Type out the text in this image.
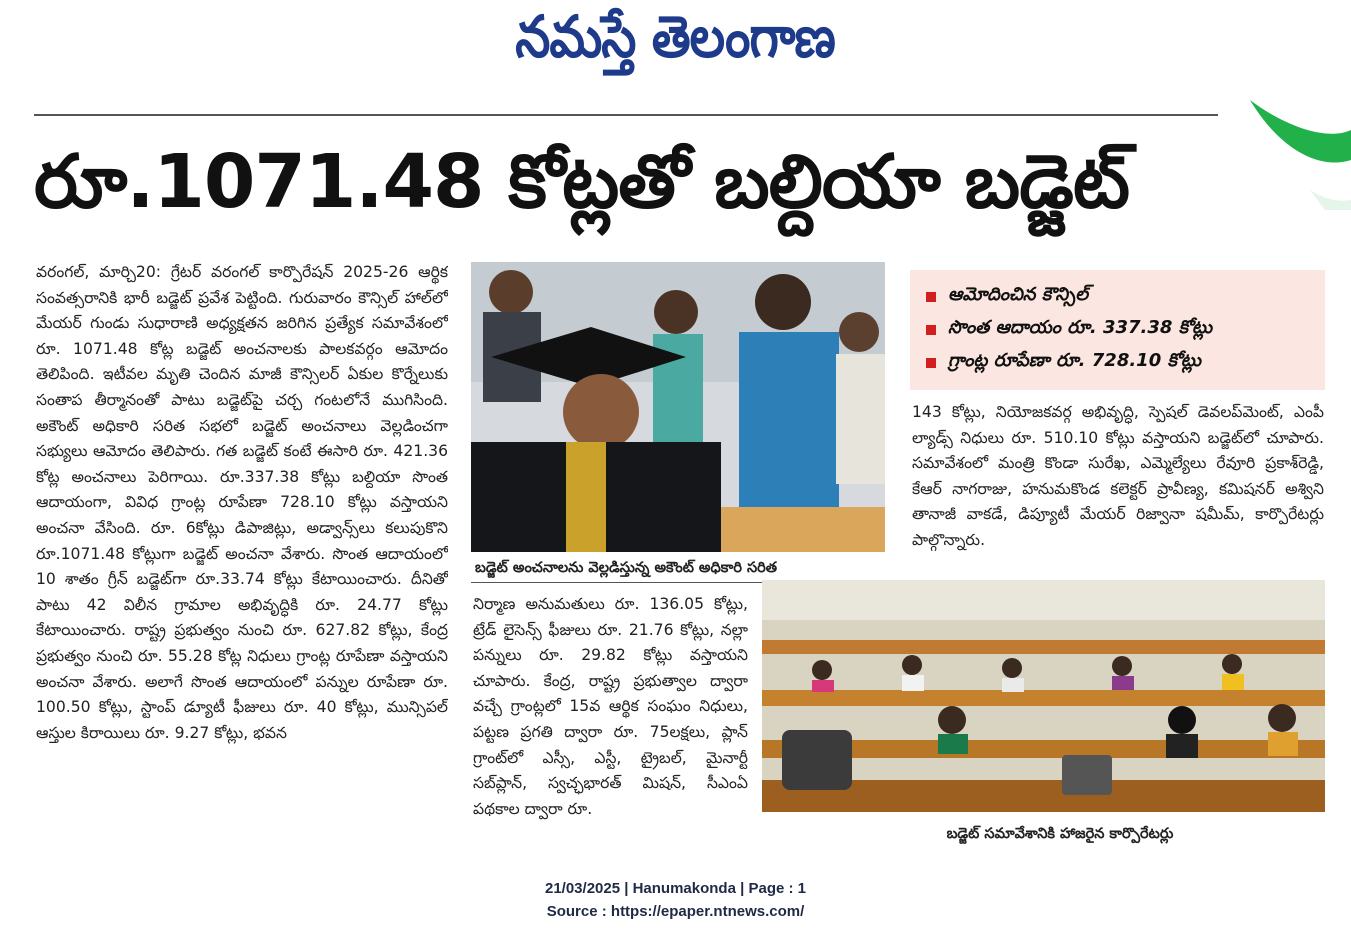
నమస్తే తెలంగాణ
రూ.1071.48 కోట్లతో బల్దియా బడ్జెట్

వరంగల్‌, మార్చి20: గ్రేటర్‌ వరంగల్‌ కార్పొరేషన్‌ 2025-26 ఆర్థిక సంవత్సరానికి భారీ బడ్జెట్‌ ప్రవేశ పెట్టింది. గురువారం కౌన్సిల్‌ హాల్‌లో మేయర్‌ గుండు సుధారాణి అధ్యక్షతన జరిగిన ప్రత్యేక సమావేశంలో రూ. 1071.48 కోట్ల బడ్జెట్‌ అంచనాలకు పాలకవర్గం ఆమోదం తెలిపింది. ఇటీవల మృతి చెందిన మాజీ కౌన్సిలర్‌ ఏకుల కొర్నేలుకు సంతాప తీర్మానంతో పాటు బడ్జెట్‌పై చర్చ గంటలోనే ముగిసింది. అకౌంట్‌ అధికారి సరిత సభలో బడ్జెట్‌ అంచనాలు వెల్లడించగా సభ్యులు ఆమోదం తెలిపారు. గత బడ్జెట్‌ కంటే ఈసారి రూ. 421.36 కోట్ల అంచనాలు పెరిగాయి. రూ.337.38 కోట్లు బల్దియా సొంత ఆదాయంగా, వివిధ గ్రాంట్ల రూపేణా 728.10 కోట్లు వస్తాయని అంచనా వేసింది. రూ. 6కోట్లు డిపాజిట్లు, అడ్వాన్స్‌లు కలుపుకొని రూ.1071.48 కోట్లుగా బడ్జెట్‌ అంచనా వేశారు. సొంత ఆదాయంలో 10 శాతం గ్రీన్‌ బడ్జెట్‌గా రూ.33.74 కోట్లు కేటాయించారు. దీనితో పాటు 42 విలీన గ్రామాల అభివృద్ధికి రూ. 24.77 కోట్లు కేటాయించారు. రాష్ట్ర ప్రభుత్వం నుంచి రూ. 627.82 కోట్లు, కేంద్ర ప్రభుత్వం నుంచి రూ. 55.28 కోట్ల నిధులు గ్రాంట్ల రూపేణా వస్తాయని అంచనా వేశారు. అలాగే సొంత ఆదాయంలో పన్నుల రూపేణా రూ. 100.50 కోట్లు, స్టాంప్‌ డ్యూటీ ఫీజులు రూ. 40 కోట్లు, మున్సిపల్‌ ఆస్తుల కిరాయిలు రూ. 9.27 కోట్లు, భవన

బడ్జెట్‌ అంచనాలను వెల్లడిస్తున్న అకౌంట్‌ అధికారి సరిత

నిర్మాణ అనుమతులు రూ. 136.05 కోట్లు, ట్రేడ్‌ లైసెన్స్‌ ఫీజులు రూ. 21.76 కోట్లు, నల్లా పన్నులు రూ. 29.82 కోట్లు వస్తాయని చూపారు. కేంద్ర, రాష్ట్ర ప్రభుత్వాల ద్వారా వచ్చే గ్రాంట్లలో 15వ ఆర్థిక సంఘం నిధులు, పట్టణ ప్రగతి ద్వారా రూ. 75లక్షలు, ప్లాన్‌ గ్రాంట్‌లో ఎస్సీ, ఎస్టీ, ట్రైబల్‌, మైనార్టీ సబ్‌ప్లాన్‌, స్వచ్ఛభారత్‌ మిషన్‌, సీఎంఏ పథకాల ద్వారా రూ.

ఆమోదించిన కౌన్సిల్‌
సొంత ఆదాయం రూ. 337.38 కోట్లు
గ్రాంట్ల రూపేణా రూ. 728.10 కోట్లు

143 కోట్లు, నియోజకవర్గ అభివృద్ధి, స్పెషల్‌ డెవలప్‌మెంట్‌, ఎంపీ ల్యాడ్స్‌ నిధులు రూ. 510.10 కోట్లు వస్తాయని బడ్జెట్‌లో చూపారు. సమావేశంలో మంత్రి కొండా సురేఖ, ఎమ్మెల్యేలు రేవూరి ప్రకాశ్‌రెడ్డి, కేఆర్‌ నాగరాజు, హనుమకొండ కలెక్టర్‌ ప్రావీణ్య, కమిషనర్‌ అశ్విని తానాజీ వాకడే, డిప్యూటీ మేయర్‌ రిజ్వానా షమీమ్‌, కార్పొరేటర్లు పాల్గొన్నారు.

బడ్జెట్‌ సమావేశానికి హాజరైన కార్పొరేటర్లు
21/03/2025 | Hanumakonda | Page : 1
Source : https://epaper.ntnews.com/
